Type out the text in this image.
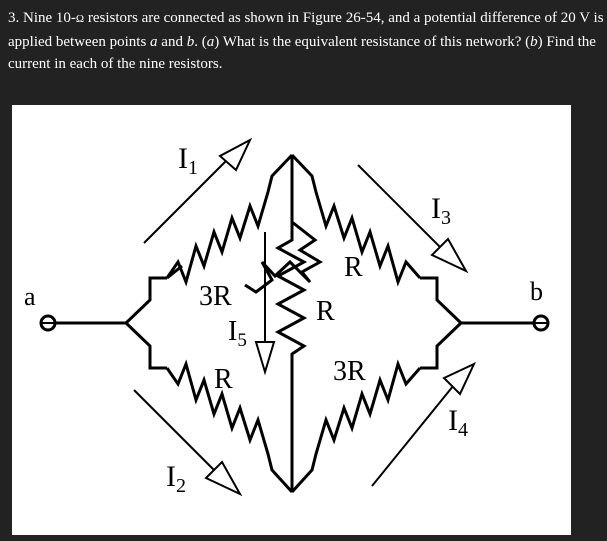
3. Nine 10-Ω resistors are connected as shown in Figure 26-54, and a potential difference of 20 V is applied between points a and b. (a) What is the equivalent resistance of this network? (b) Find the current in each of the nine resistors.
a	b
3R
R
R
R
3R
$I_1$
$I_2$
$I_3$
$I_4$
$I_5$
